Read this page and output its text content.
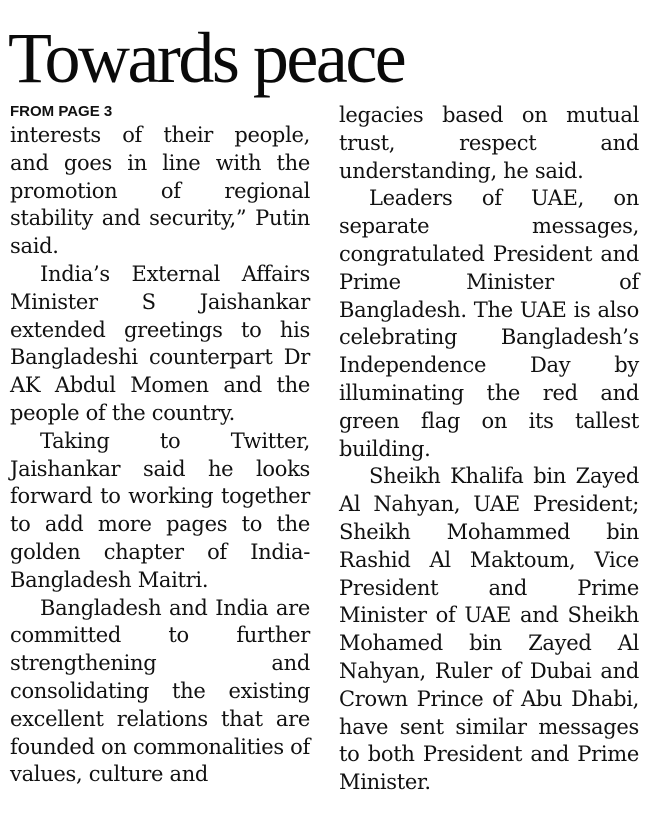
Towards peace
FROM PAGE 3

interests of their people, and goes in line with the promotion of regional stability and security,” Putin said.

India’s External Affairs Minister S Jaishankar extended greetings to his Bangladeshi counterpart Dr AK Abdul Momen and the people of the country.

Taking to Twitter, Jaishankar said he looks forward to working together to add more pages to the golden chapter of India-Bangladesh Maitri.

Bangladesh and India are committed to further strengthening and consolidating the existing excellent relations that are founded on commonalities of values, culture and

legacies based on mutual trust, respect and understanding, he said.

Leaders of UAE, on separate messages, congratulated President and Prime Minister of Bangladesh. The UAE is also celebrating Bangladesh’s Independence Day by illuminating the red and green flag on its tallest building.

Sheikh Khalifa bin Zayed Al Nahyan, UAE President; Sheikh Mohammed bin Rashid Al Maktoum, Vice President and Prime Minister of UAE and Sheikh Mohamed bin Zayed Al Nahyan, Ruler of Dubai and Crown Prince of Abu Dhabi, have sent similar messages to both President and Prime Minister.
